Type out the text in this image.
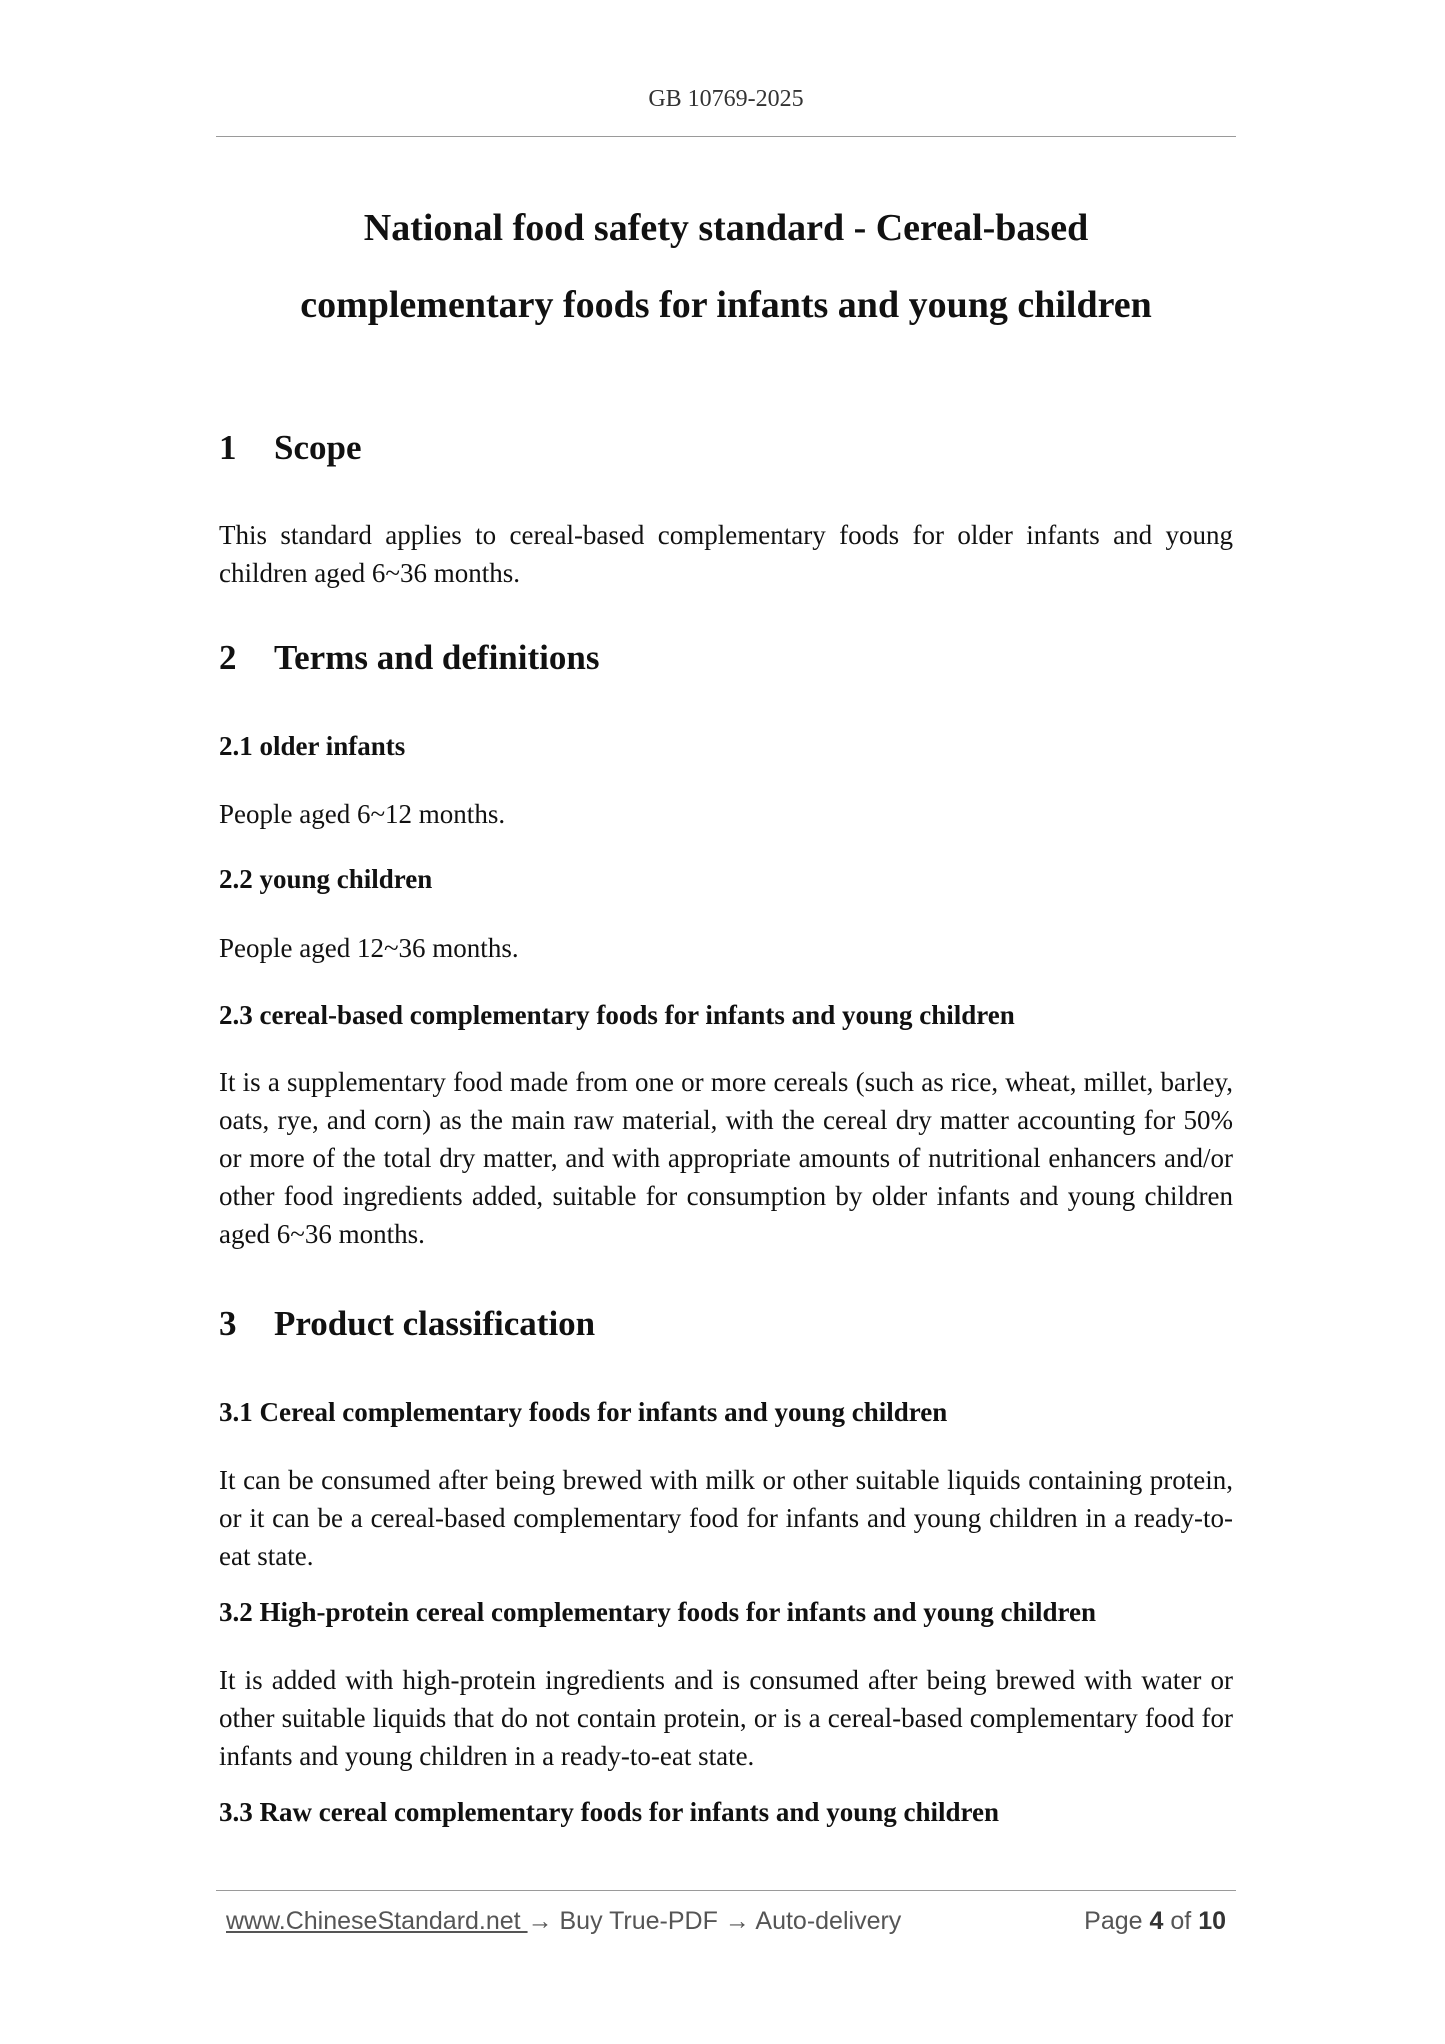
GB 10769-2025
National food safety standard - Cereal-based
complementary foods for infants and young children
1 Scope
This standard applies to cereal-based complementary foods for older infants and young children aged 6~36 months.
2 Terms and definitions
2.1 older infants
People aged 6~12 months.
2.2 young children
People aged 12~36 months.
2.3 cereal-based complementary foods for infants and young children
It is a supplementary food made from one or more cereals (such as rice, wheat, millet, barley, oats, rye, and corn) as the main raw material, with the cereal dry matter accounting for 50% or more of the total dry matter, and with appropriate amounts of nutritional enhancers and/or other food ingredients added, suitable for consumption by older infants and young children aged 6~36 months.
3 Product classification
3.1 Cereal complementary foods for infants and young children
It can be consumed after being brewed with milk or other suitable liquids containing protein, or it can be a cereal-based complementary food for infants and young children in a ready-to-eat state.
3.2 High-protein cereal complementary foods for infants and young children
It is added with high-protein ingredients and is consumed after being brewed with water or other suitable liquids that do not contain protein, or is a cereal-based complementary food for infants and young children in a ready-to-eat state.
3.3 Raw cereal complementary foods for infants and young children
www.ChineseStandard.net → Buy True-PDF → Auto-delivery	Page 4 of 10
